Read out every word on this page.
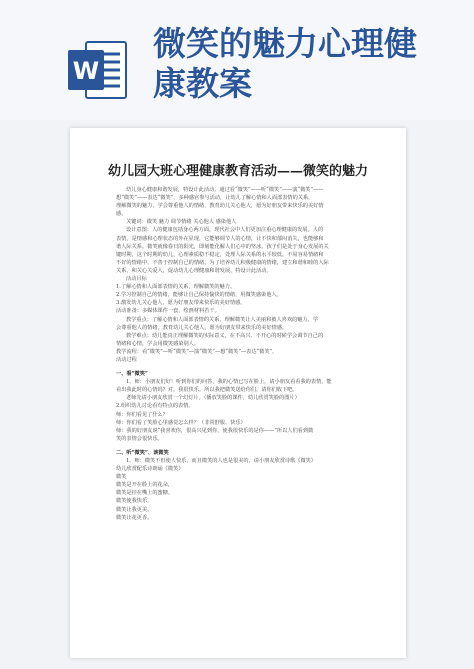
W
微笑的魅力心理健
康教案
幼儿园大班心理健康教育活动——微笑的魅力

幼儿身心健康和谐发展，特设计此活动。通过看“微笑”——听“微笑”——演“微笑”——

想“微笑”——表达“微笑”，多种感官参与活动，让幼儿了解心情和人面部表情的关系，

理解微笑的魅力，学会尊重他人的情绪，教育幼儿关心他人，愿为好朋友带来快乐的美好情

感。

关键词：微笑 魅力 调节情绪 关心他人 感染他人

设计意图：人的健康包括身心两方面。现代社会中人们更加注重心理健康的发展。人的

表情，是情感和心理状态的外在显现，它能够调节人的心情，让不快和郁闷消失，也能够和

谐人际关系。微笑就像春日的阳光，即刻能化解人们心中的坚冰。孩子们是处于身心发展的关

键时期，这个时期的幼儿，心理素质稳不稳定，处理人际关系的水平较低，不易容易情绪和

不好的情绪中，不善于控制自己的情绪，为了培养幼儿积极健康的情绪，建立和谐和睦的人际

关系，和关心关爱人，促动幼儿心理健康和谐发展，特设计此活动。

活动目标

1.了解心情和人面部表情的关系，理解微笑的魅力。

2.学习控制自己的情绪，能够让自己保持愉快的情绪，用微笑感染他人。

3.激发幼儿关心他人，愿为好朋友带来快乐的美好情感。

活动准备：多媒体课件一套，绘画材料若干。

教学重点：了解心情和人面部表情的关系，理解微笑让人美丽和被人喜欢的魅力，学

会尊重他人的情绪，教育幼儿关心他人，愿为好朋友带来快乐的美好情感。

教学难点：幼儿能真正理解微笑的实际意义，在不高兴、不开心的时候学会调节自己的

情绪和心情，学会用微笑感染别人。

教学流程：看“微笑”—听“微笑”—演“微笑”—想“微笑”—表达“微笑”。

活动过程

一、看“微笑”

1、师：小朋友们好！听到你们的问答，我的心情已写在脸上，请小朋友看看我的表情，能

看出我此时的心情吗？对，我很快乐。所以我把微笑送给你们，请你们收下吧。

老师先请小朋友欣赏一个幻灯片。（播放笑脸的课件，幼儿欣赏笑脸的图片）

2.组织幼儿讨论看有特点的表情。

师：你们看见了什么？

师：你们看了笑脸心里感觉怎么样？（非常舒服、快乐）

师：我的好朋友说“我喜欢你，很高兴见到你，使我很快乐的是你——”所以人们看到微

笑的表情会很快乐。

二、听“微笑”、谈微笑

1、师：微笑不但使人快乐，而且微笑的人也是很美的，请小朋友欣赏诗歌《微笑》

幼儿欣赏配乐诗朗诵《微笑》

微笑

微笑是开在脸上的花朵，

微笑是挂在嘴上的蜜糖。

微笑使我快乐，

微笑让我更美。

微笑让花更香。
